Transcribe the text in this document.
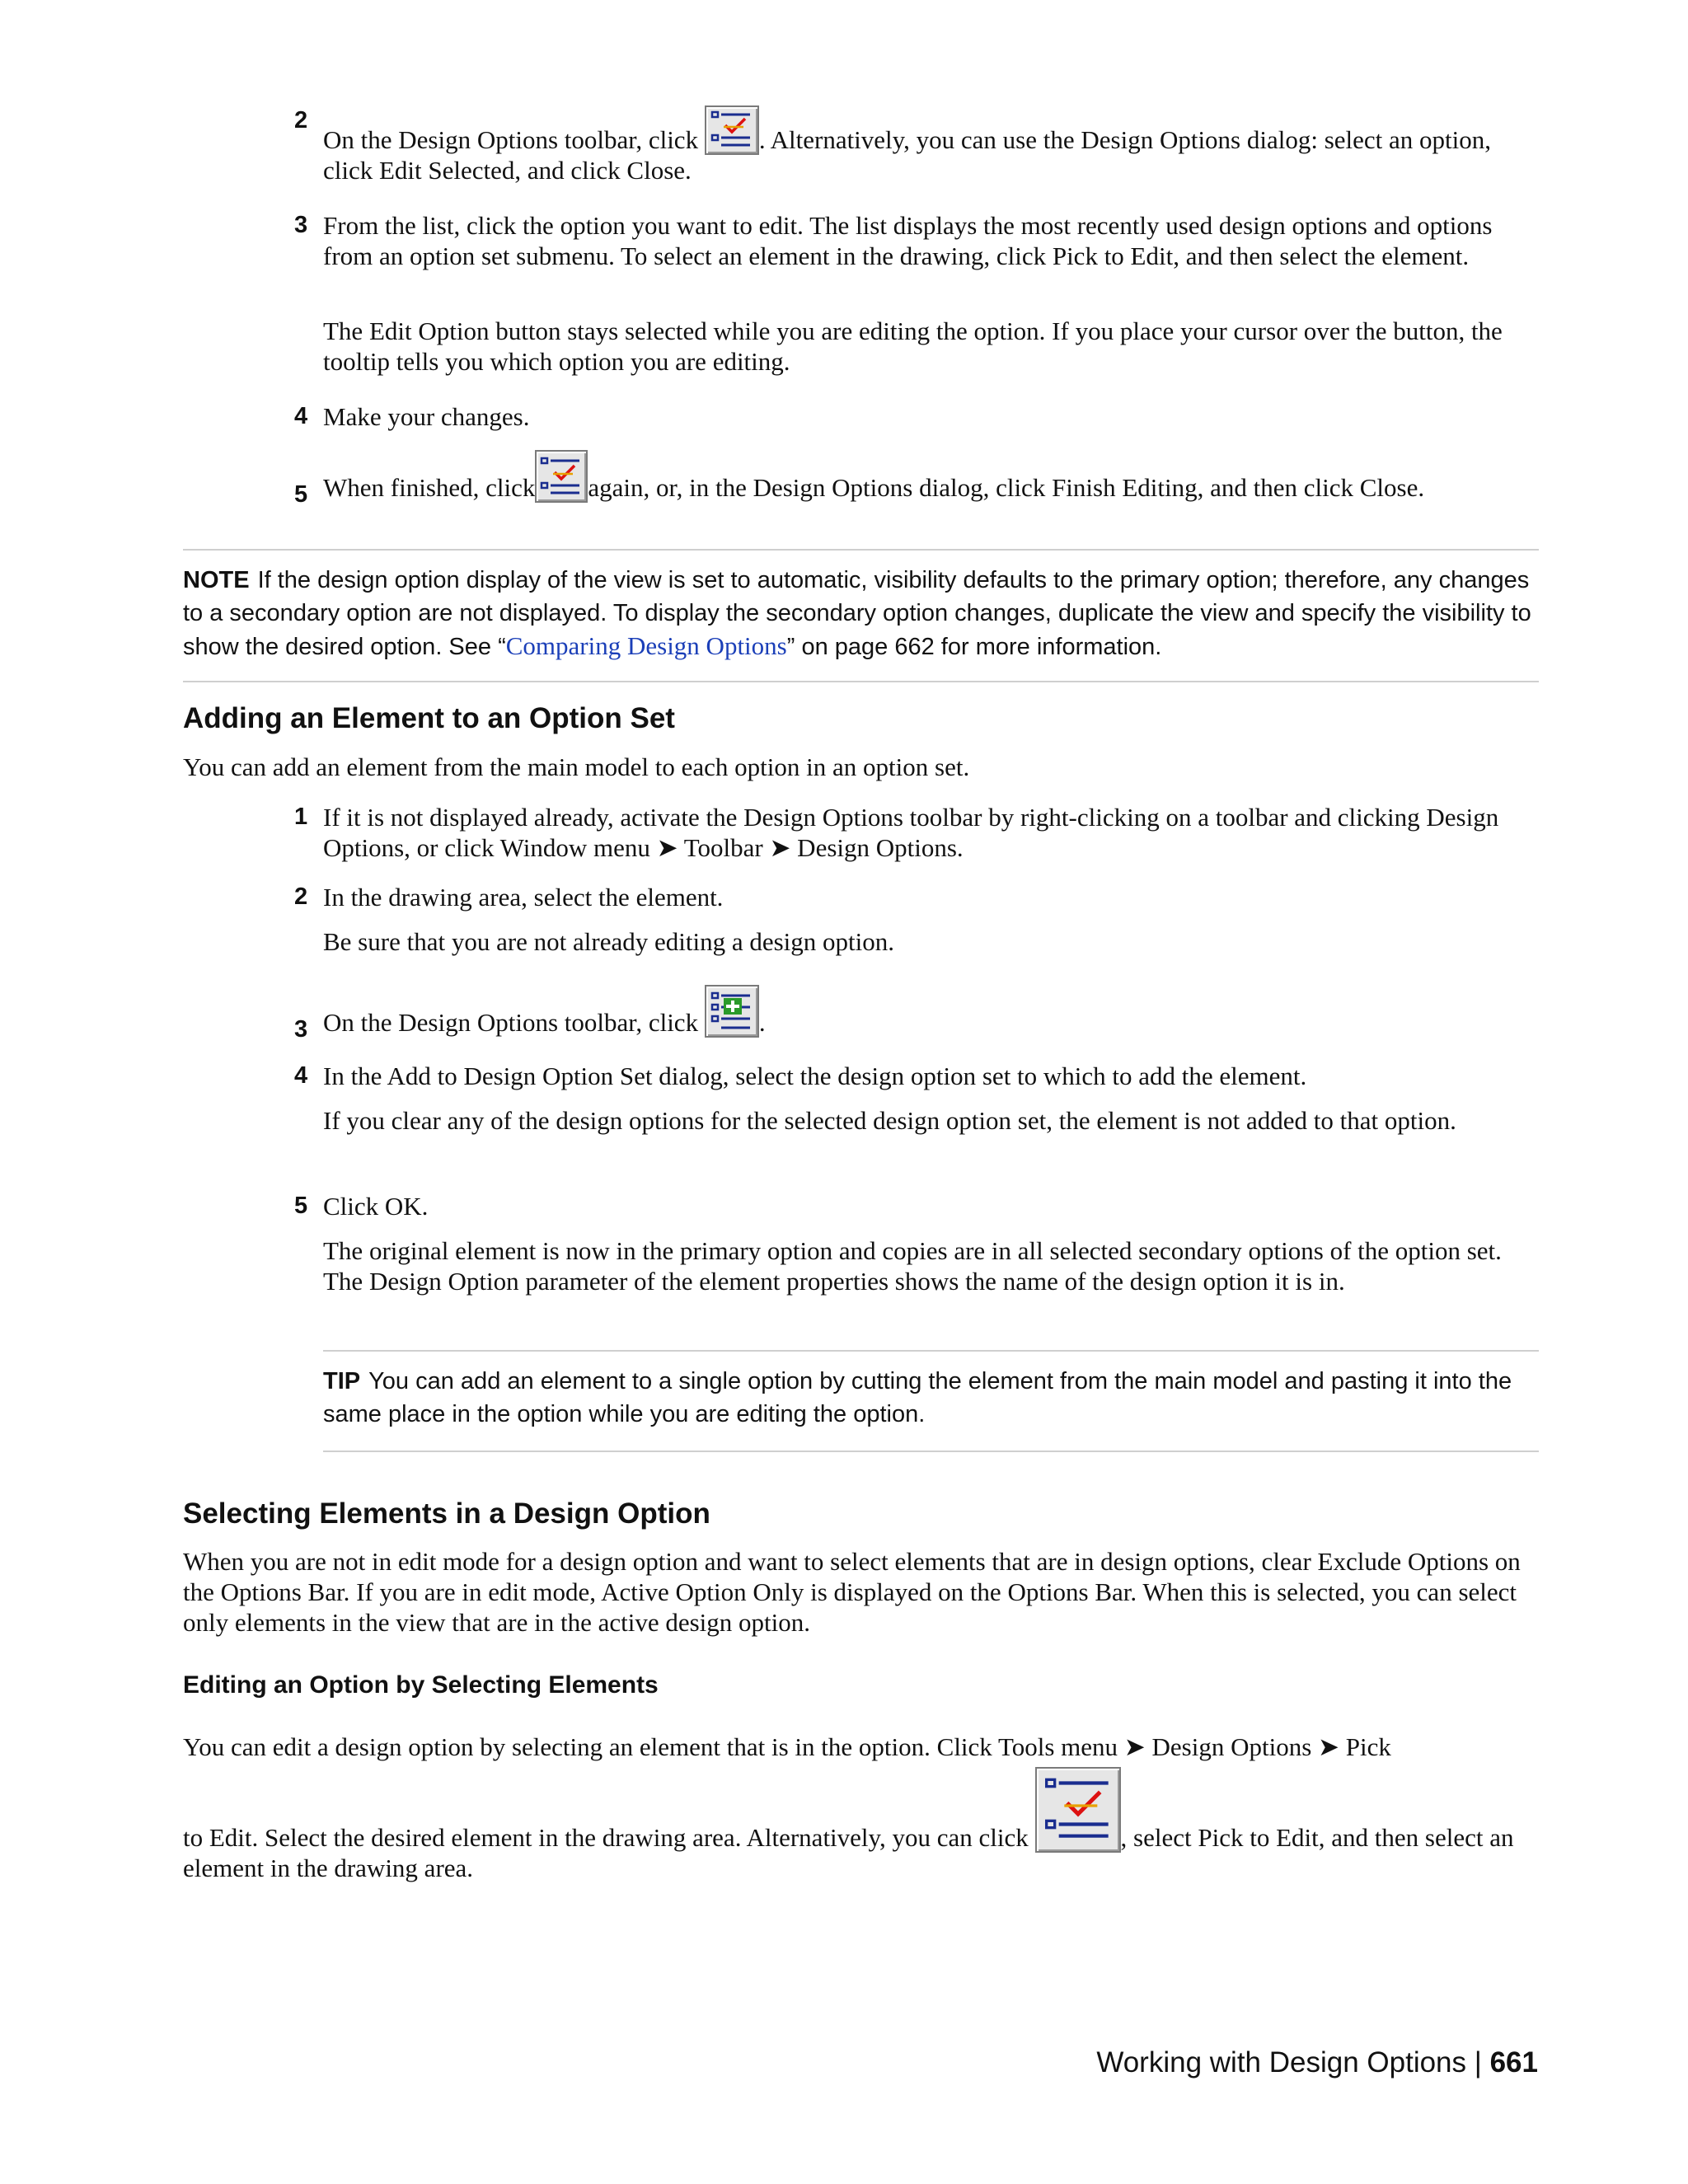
2
On the Design Options toolbar, click . Alternatively, you can use the Design Options dialog: select an option, click Edit Selected, and click Close.
3 From the list, click the option you want to edit. The list displays the most recently used design options and options from an option set submenu. To select an element in the drawing, click Pick to Edit, and then select the element.
The Edit Option button stays selected while you are editing the option. If you place your cursor over the button, the tooltip tells you which option you are editing.
4 Make your changes.
5 When finished, click again, or, in the Design Options dialog, click Finish Editing, and then click Close.
NOTE If the design option display of the view is set to automatic, visibility defaults to the primary option; therefore, any changes to a secondary option are not displayed. To display the secondary option changes, duplicate the view and specify the visibility to show the desired option. See “Comparing Design Options” on page 662 for more information.
Adding an Element to an Option Set
You can add an element from the main model to each option in an option set.
1 If it is not displayed already, activate the Design Options toolbar by right-clicking on a toolbar and clicking Design Options, or click Window menu ➤ Toolbar ➤ Design Options.
2 In the drawing area, select the element.
Be sure that you are not already editing a design option.
3 On the Design Options toolbar, click .
4 In the Add to Design Option Set dialog, select the design option set to which to add the element.
If you clear any of the design options for the selected design option set, the element is not added to that option.
5 Click OK.
The original element is now in the primary option and copies are in all selected secondary options of the option set. The Design Option parameter of the element properties shows the name of the design option it is in.
TIP You can add an element to a single option by cutting the element from the main model and pasting it into the same place in the option while you are editing the option.
Selecting Elements in a Design Option
When you are not in edit mode for a design option and want to select elements that are in design options, clear Exclude Options on the Options Bar. If you are in edit mode, Active Option Only is displayed on the Options Bar. When this is selected, you can select only elements in the view that are in the active design option.
Editing an Option by Selecting Elements
You can edit a design option by selecting an element that is in the option. Click Tools menu ➤ Design Options ➤ Pick
to Edit. Select the desired element in the drawing area. Alternatively, you can click	, select Pick to Edit, and then select an element in the drawing area.
Working with Design Options | 661
